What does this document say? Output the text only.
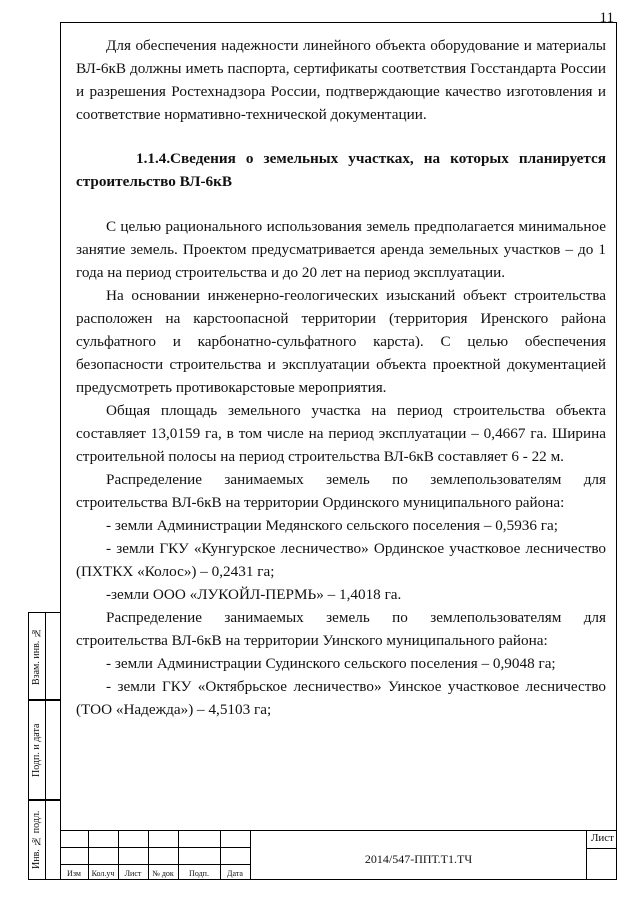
11

Для обеспечения надежности линейного объекта оборудование и материалы ВЛ-6кВ должны иметь паспорта, сертификаты соответствия Госстандарта России и разрешения Ростехнадзора России, подтверждающие качество изготовления и соответствие нормативно-технической документации.

1.1.4.Сведения о земельных участках, на которых планируется строительство ВЛ-6кВ

С целью рационального использования земель предполагается минимальное занятие земель. Проектом предусматривается аренда земельных участков – до 1 года на период строительства и до 20 лет на период эксплуатации.

На основании инженерно-геологических изысканий объект строительства расположен на карстоопасной территории (территория Иренского района сульфатного и карбонатно-сульфатного карста). С целью обеспечения безопасности строительства и эксплуатации объекта проектной документацией предусмотреть противокарстовые мероприятия.

Общая площадь земельного участка на период строительства объекта составляет 13,0159 га, в том числе на период эксплуатации – 0,4667 га. Ширина строительной полосы на период строительства ВЛ-6кВ составляет 6 - 22 м.

Распределение занимаемых земель по землепользователям для строительства ВЛ-6кВ на территории Ординского муниципального района:

- земли Администрации Медянского сельского поселения – 0,5936 га;

- земли ГКУ «Кунгурское лесничество» Ординское участковое лесничество (ПХТКХ «Колос») – 0,2431 га;

-земли ООО «ЛУКОЙЛ-ПЕРМЬ» – 1,4018 га.

Распределение занимаемых земель по землепользователям для строительства ВЛ-6кВ на территории Уинского муниципального района:

- земли Администрации Судинского сельского поселения – 0,9048 га;

- земли ГКУ «Октябрьское лесничество» Уинское участковое лесничество (ТОО «Надежда») – 4,5103 га;

Взам. инв. №
Подп. и дата
Инв. № подл.
Изм	Кол.уч	Лист	№ док	Подп.	Дата
2014/547-ППТ.Т1.ТЧ
Лист
